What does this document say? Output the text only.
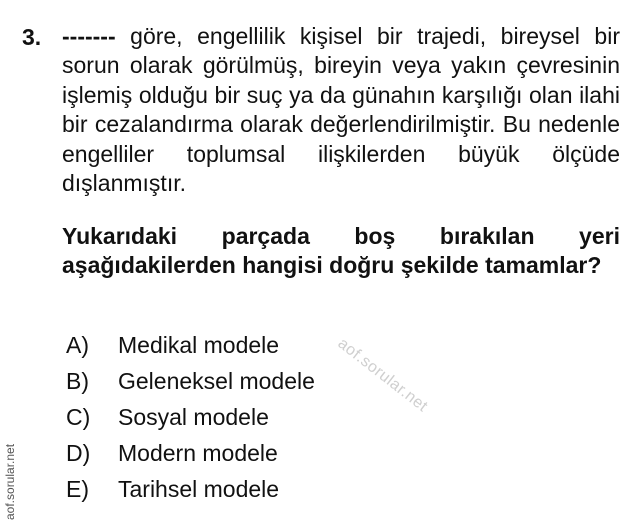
3. ------- göre, engellilik kişisel bir trajedi, bireysel bir sorun olarak görülmüş, bireyin veya yakın çevresinin işlemiş olduğu bir suç ya da günahın karşılığı olan ilahi bir cezalandırma olarak değerlendirilmiştir. Bu nedenle engelliler toplumsal ilişkilerden büyük ölçüde dışlanmıştır.

Yukarıdaki parçada boş bırakılan yeri aşağıdakilerden hangisi doğru şekilde tamamlar?

A) Medikal modele
B) Geleneksel modele
C) Sosyal modele
D) Modern modele
E) Tarihsel modele
aof.sorular.net
aof.sorular.net
